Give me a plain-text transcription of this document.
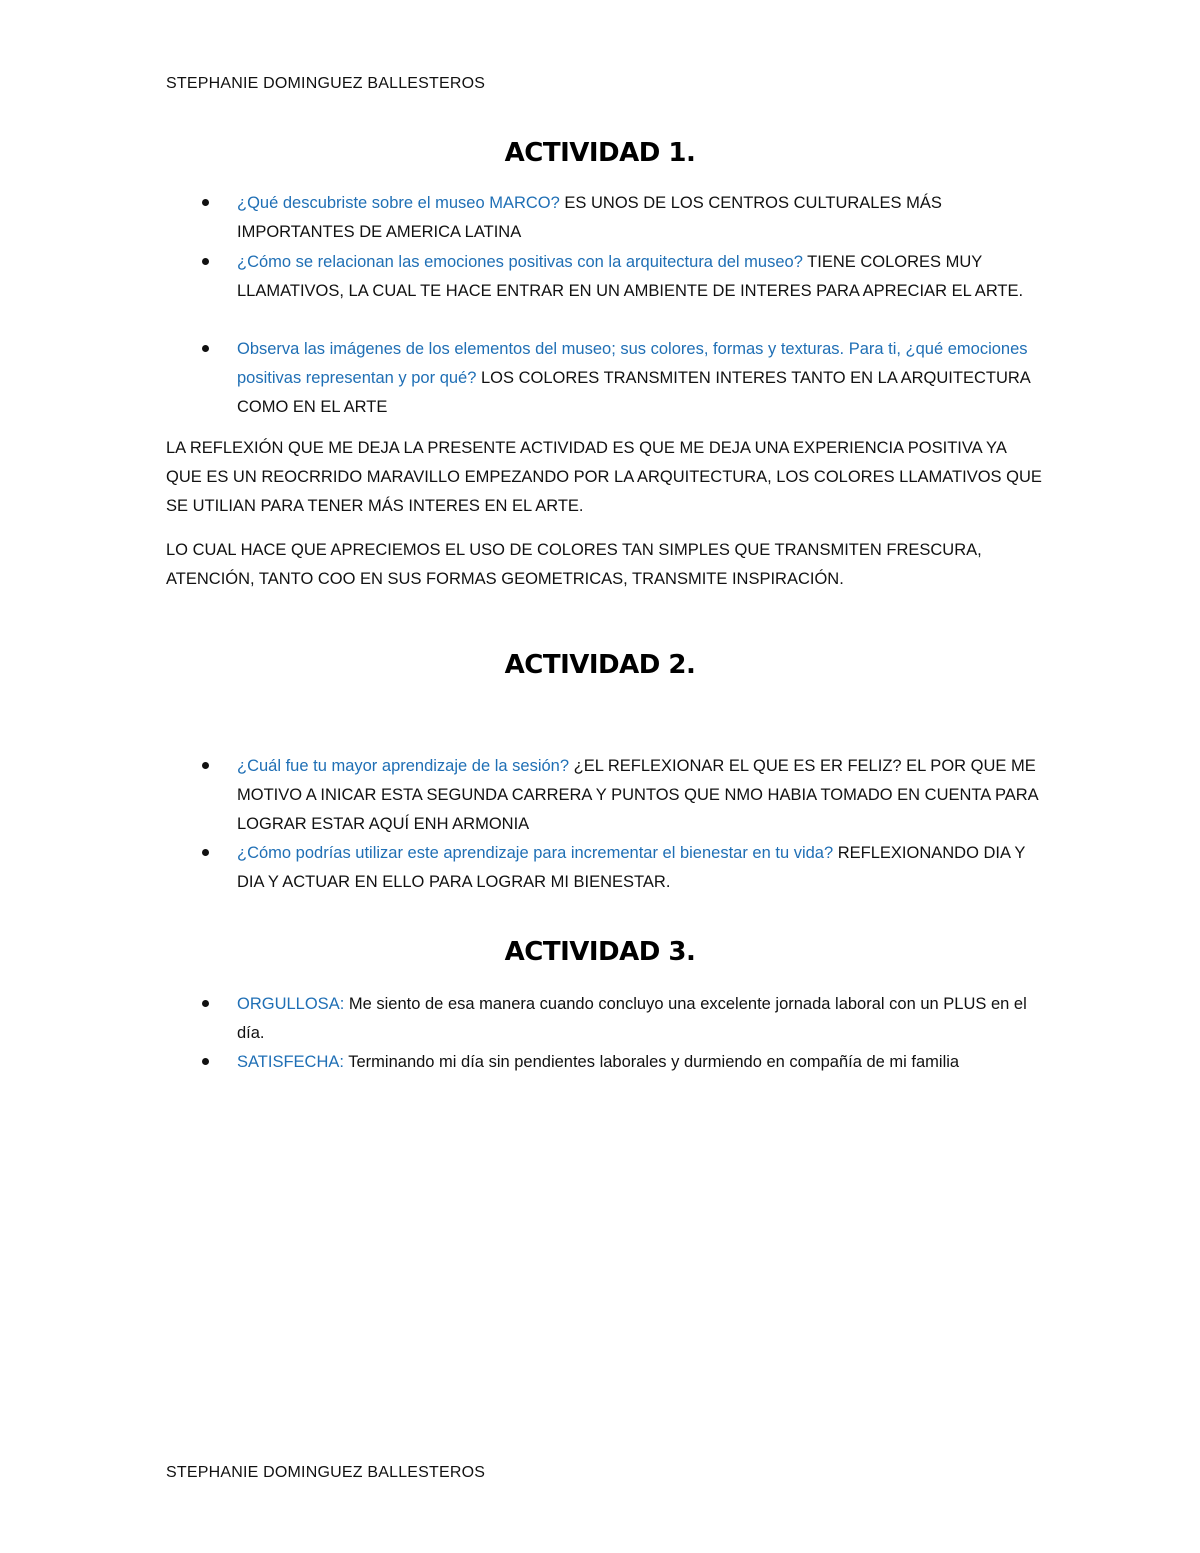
STEPHANIE DOMINGUEZ BALLESTEROS
ACTIVIDAD 1.
¿Qué descubriste sobre el museo MARCO? ES UNOS DE LOS CENTROS CULTURALES MÁS IMPORTANTES DE AMERICA LATINA
¿Cómo se relacionan las emociones positivas con la arquitectura del museo? TIENE COLORES MUY LLAMATIVOS, LA CUAL TE HACE ENTRAR EN UN AMBIENTE DE INTERES PARA APRECIAR EL ARTE.
Observa las imágenes de los elementos del museo; sus colores, formas y texturas. Para ti, ¿qué emociones positivas representan y por qué? LOS COLORES TRANSMITEN INTERES TANTO EN LA ARQUITECTURA COMO EN EL ARTE

LA REFLEXIÓN QUE ME DEJA LA PRESENTE ACTIVIDAD ES QUE ME DEJA UNA EXPERIENCIA POSITIVA YA QUE ES UN REOCRRIDO MARAVILLO EMPEZANDO POR LA ARQUITECTURA, LOS COLORES LLAMATIVOS QUE SE UTILIAN PARA TENER MÁS INTERES EN EL ARTE.

LO CUAL HACE QUE APRECIEMOS EL USO DE COLORES TAN SIMPLES QUE TRANSMITEN FRESCURA, ATENCIÓN, TANTO COO EN SUS FORMAS GEOMETRICAS, TRANSMITE INSPIRACIÓN.

ACTIVIDAD 2.
¿Cuál fue tu mayor aprendizaje de la sesión? ¿EL REFLEXIONAR EL QUE ES ER FELIZ? EL POR QUE ME MOTIVO A INICAR ESTA SEGUNDA CARRERA Y PUNTOS QUE NMO HABIA TOMADO EN CUENTA PARA LOGRAR ESTAR AQUÍ ENH ARMONIA
¿Cómo podrías utilizar este aprendizaje para incrementar el bienestar en tu vida? REFLEXIONANDO DIA Y DIA Y ACTUAR EN ELLO PARA LOGRAR MI BIENESTAR.
ACTIVIDAD 3.
ORGULLOSA: Me siento de esa manera cuando concluyo una excelente jornada laboral con un PLUS en el día.
SATISFECHA: Terminando mi día sin pendientes laborales y durmiendo en compañía de mi familia
STEPHANIE DOMINGUEZ BALLESTEROS
